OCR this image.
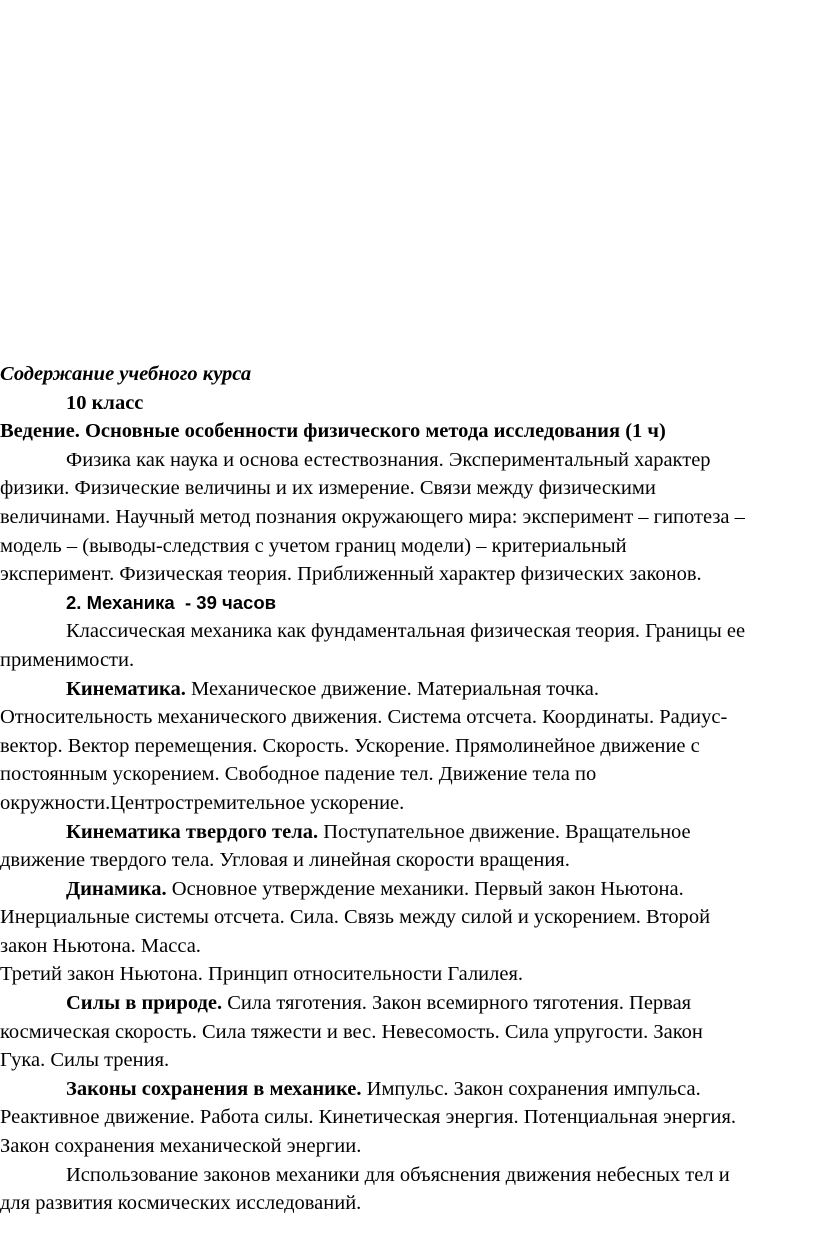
Содержание учебного курса

10 класс

Ведение. Основные особенности физического метода исследования (1 ч)

Физика как наука и основа естествознания. Экспериментальный характер

физики. Физические величины и их измерение. Связи между физическими

величинами. Научный метод познания окружающего мира: эксперимент – гипотеза –

модель – (выводы-следствия с учетом границ модели) – критериальный

эксперимент. Физическая теория. Приближенный характер физических законов.

2. Механика  - 39 часов

Классическая механика как фундаментальная физическая теория. Границы ее

применимости.

Кинематика. Механическое движение. Материальная точка.

Относительность механического движения. Система отсчета. Координаты. Радиус-

вектор. Вектор перемещения. Скорость. Ускорение. Прямолинейное движение с

постоянным ускорением. Свободное падение тел. Движение тела по

окружности.Центростремительное ускорение.

Кинематика твердого тела. Поступательное движение. Вращательное

движение твердого тела. Угловая и линейная скорости вращения.

Динамика. Основное утверждение механики. Первый закон Ньютона.

Инерциальные системы отсчета. Сила. Связь между силой и ускорением. Второй

закон Ньютона. Масса.

Третий закон Ньютона. Принцип относительности Галилея.

Силы в природе. Сила тяготения. Закон всемирного тяготения. Первая

космическая скорость. Сила тяжести и вес. Невесомость. Сила упругости. Закон

Гука. Силы трения.

Законы сохранения в механике. Импульс. Закон сохранения импульса.

Реактивное движение. Работа силы. Кинетическая энергия. Потенциальная энергия.

Закон сохранения механической энергии.

Использование законов механики для объяснения движения небесных тел и

для развития космических исследований.
